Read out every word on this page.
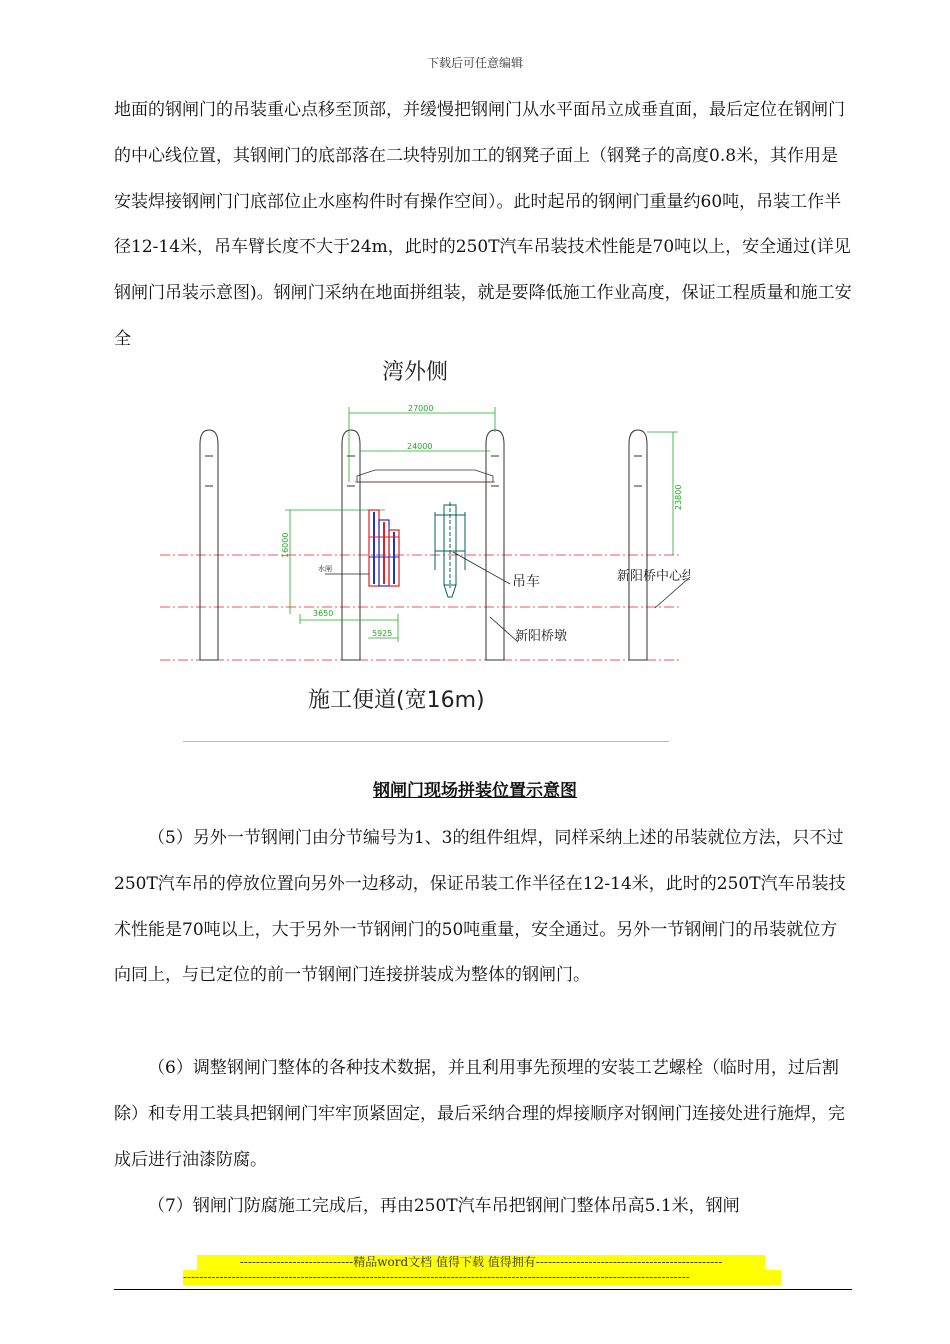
下载后可任意编辑

地面的钢闸门的吊装重心点移至顶部，并缓慢把钢闸门从水平面吊立成垂直面，最后定位在钢闸门的中心线位置，其钢闸门的底部落在二块特别加工的钢凳子面上（钢凳子的高度0.8米，其作用是安装焊接钢闸门门底部位止水座构件时有操作空间）。此时起吊的钢闸门重量约60吨，吊装工作半径12-14米，吊车臂长度不大于24m，此时的250T汽车吊装技术性能是70吨以上，安全通过(详见钢闸门吊装示意图)。钢闸门采纳在地面拼组装，就是要降低施工作业高度，保证工程质量和施工安全

湾外侧
27000
24000
3650
5925
23800
16000
水闸
吊车	新阳桥中心线
新阳桥墩
施工便道(宽16m)
钢闸门现场拼装位置示意图

（5）另外一节钢闸门由分节编号为1、3的组件组焊，同样采纳上述的吊装就位方法，只不过250T汽车吊的停放位置向另外一边移动，保证吊装工作半径在12-14米，此时的250T汽车吊装技术性能是70吨以上，大于另外一节钢闸门的50吨重量，安全通过。另外一节钢闸门的吊装就位方向同上，与已定位的前一节钢闸门连接拼装成为整体的钢闸门。

（6）调整钢闸门整体的各种技术数据，并且利用事先预埋的安装工艺螺栓（临时用，过后割除）和专用工装具把钢闸门牢牢顶紧固定，最后采纳合理的焊接顺序对钢闸门连接处进行施焊，完成后进行油漆防腐。

（7）钢闸门防腐施工完成后，再由250T汽车吊把钢闸门整体吊高5.1米，钢闸

----------------------------精品word文档 值得下载 值得拥有----------------------------------------------
-----------------------------------------------------------------------------------------------------------------------------
